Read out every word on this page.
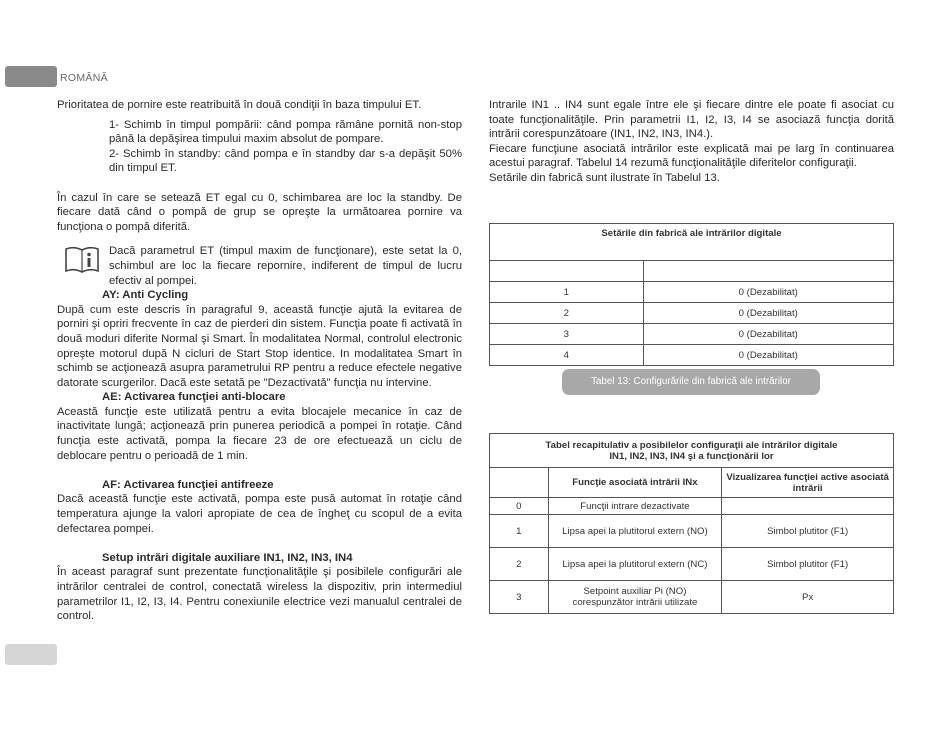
ROMÂNĂ

Prioritatea de pornire este reatribuită în două condiţii în baza timpului ET.

1- Schimb în timpul pompării: când pompa rămâne pornită non-stop până la depăşirea timpului maxim absolut de pompare.

2- Schimb în standby: când pompa e în standby dar s-a depăşit 50% din timpul ET.

În cazul în care se setează ET egal cu 0, schimbarea are loc la standby. De fiecare dată când o pompă de grup se opreşte la următoarea pornire va funcţiona o pompă diferită.

Dacă parametrul ET (timpul maxim de funcţionare), este setat la 0, schimbul are loc la fiecare repornire, indiferent de timpul de lucru efectiv al pompei.

AY: Anti Cycling

După cum este descris în paragraful 9, această funcţie ajută la evitarea de porniri şi opriri frecvente în caz de pierderi din sistem. Funcţia poate fi activată în două moduri diferite Normal şi Smart. În modalitatea Normal, controlul electronic opreşte motorul după N cicluri de Start Stop identice. In modalitatea Smart în schimb se acţionează asupra parametrului RP pentru a reduce efectele negative datorate scurgerilor. Dacă este setată pe "Dezactivată" funcţia nu intervine.

AE: Activarea funcţiei anti-blocare

Această funcţie este utilizată pentru a evita blocajele mecanice în caz de inactivitate lungă; acţionează prin punerea periodică a pompei în rotaţie. Când funcţia este activată, pompa la fiecare 23 de ore efectuează un ciclu de deblocare pentru o perioadă de 1 min.

AF: Activarea funcţiei antifreeze

Dacă această funcţie este activată, pompa este pusă automat în rotaţie când temperatura ajunge la valori apropiate de cea de îngheţ cu scopul de a evita defectarea pompei.

Setup intrări digitale auxiliare IN1, IN2, IN3, IN4

În aceast paragraf sunt prezentate funcţionalităţile şi posibilele configurări ale intrărilor centralei de control, conectată wireless la dispozitiv, prin intermediul parametrilor I1, I2, I3, I4. Pentru conexiunile electrice vezi manualul centralei de control.

Intrarile IN1 .. IN4 sunt egale între ele şi fiecare dintre ele poate fi asociat cu toate funcţionalităţile. Prin parametrii I1, I2, I3, I4 se asociază funcţia dorită intrării corespunzătoare (IN1, IN2, IN3, IN4.).

Fiecare funcţiune asociată intrărilor este explicată mai pe larg în continuarea acestui paragraf. Tabelul 14 rezumă funcţionalităţile diferitelor configuraţii.

Setările din fabrică sunt ilustrate în Tabelul 13.

Setările din fabrică ale intrărilor digitale	

1	0 (Dezabilitat)
2	0 (Dezabilitat)
3	0 (Dezabilitat)
4	0 (Dezabilitat)
Tabel 13: Configurările din fabrică ale intrărilor
Tabel recapitulativ a posibilelor configuraţii ale intrărilor digitale
IN1, IN2, IN3, IN4 şi a funcţionării lor		

	Funcţie asociată intrării INx	Vizualizarea funcţiei active asociată intrării
0	Funcţii intrare dezactivate	
1	Lipsa apei la plutitorul extern (NO)	Simbol plutitor (F1)
2	Lipsa apei la plutitorul extern (NC)	Simbol plutitor (F1)
3	Setpoint auxiliar Pi (NO) corespunzător intrării utilizate	Px
